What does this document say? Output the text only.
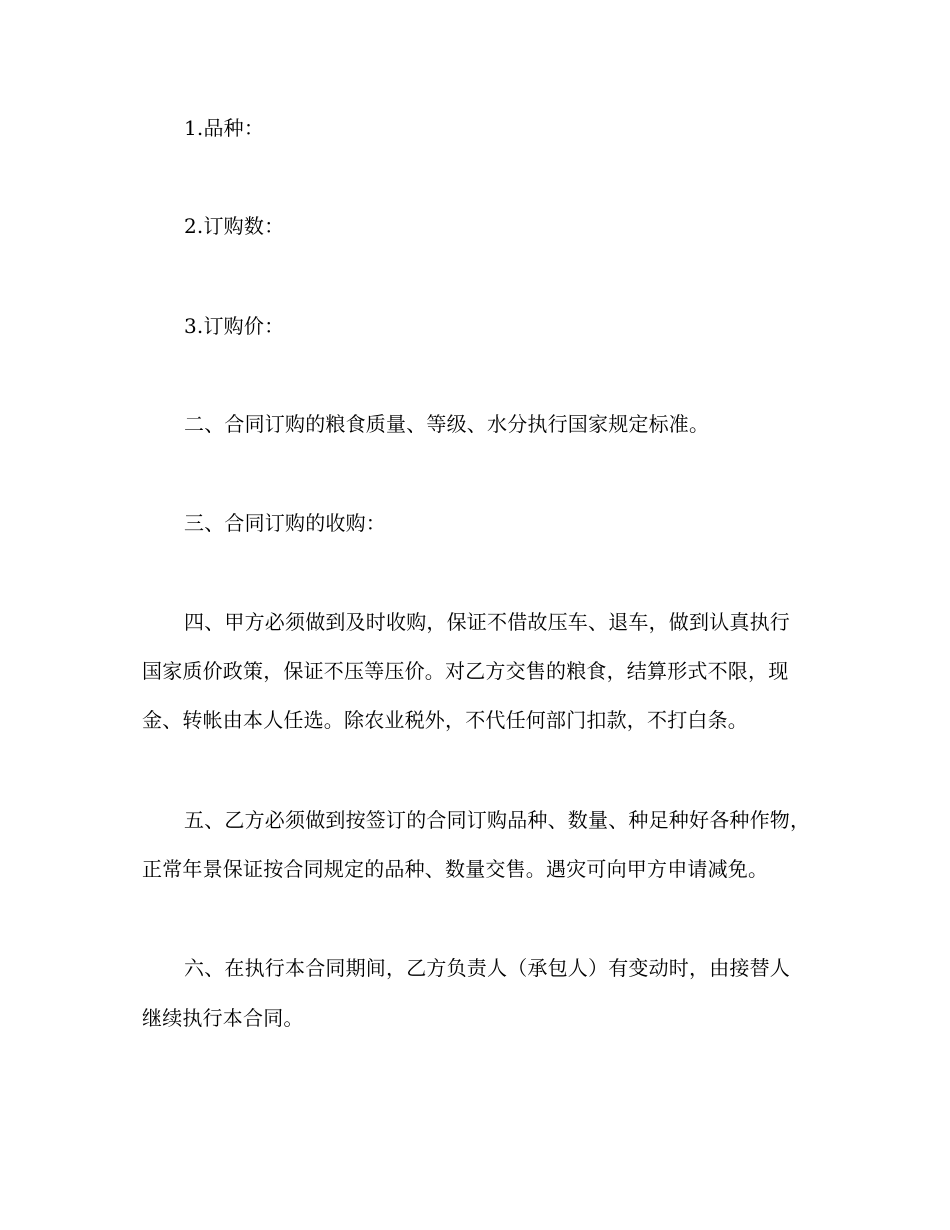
1.品种：
2.订购数：
3.订购价：
二、合同订购的粮食质量、等级、水分执行国家规定标准。
三、合同订购的收购：
四、甲方必须做到及时收购，保证不借故压车、退车，做到认真执行
国家质价政策，保证不压等压价。对乙方交售的粮食，结算形式不限，现
金、转帐由本人任选。除农业税外，不代任何部门扣款，不打白条。
五、乙方必须做到按签订的合同订购品种、数量、种足种好各种作物，
正常年景保证按合同规定的品种、数量交售。遇灾可向甲方申请减免。
六、在执行本合同期间，乙方负责人（承包人）有变动时，由接替人
继续执行本合同。
